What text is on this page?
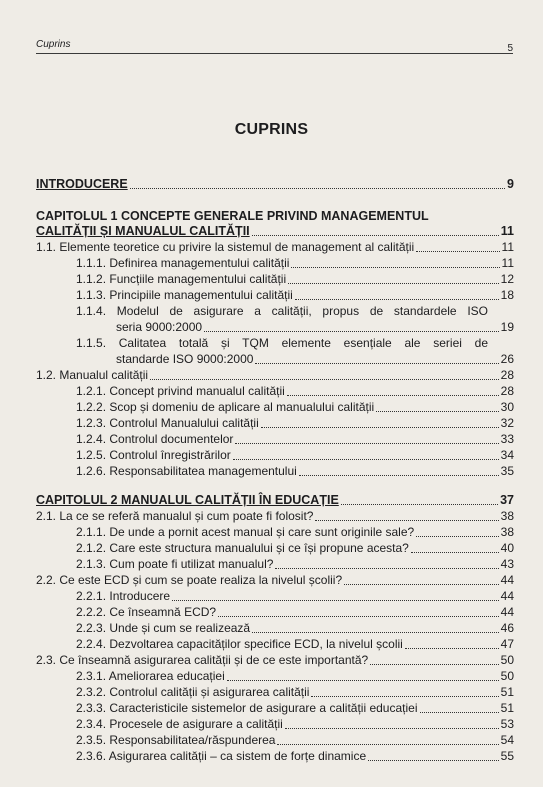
Cuprins	5
CUPRINS
INTRODUCERE	9
CAPITOLUL 1 CONCEPTE GENERALE PRIVIND MANAGEMENTUL
CALITĂȚII ȘI MANUALUL CALITĂȚII	11
1.1. Elemente teoretice cu privire la sistemul de management al calității	11
1.1.1. Definirea managementului calității	11
1.1.2. Funcțiile managementului calității	12
1.1.3. Principiile managementului calității	18
1.1.4. Modelul de asigurare a calității, propus de standardele ISO
seria 9000:2000	19
1.1.5. Calitatea totală și TQM elemente esențiale ale seriei de
standarde ISO 9000:2000	26
1.2. Manualul calității	28
1.2.1. Concept privind manualul calității	28
1.2.2. Scop și domeniu de aplicare al manualului calității	30
1.2.3. Controlul Manualului calității	32
1.2.4. Controlul documentelor	33
1.2.5. Controlul înregistrărilor	34
1.2.6. Responsabilitatea managementului	35
CAPITOLUL 2 MANUALUL CALITĂȚII ÎN EDUCAȚIE	37
2.1. La ce se referă manualul și cum poate fi folosit?	38
2.1.1. De unde a pornit acest manual și care sunt originile sale?	38
2.1.2. Care este structura manualului și ce își propune acesta?	40
2.1.3. Cum poate fi utilizat manualul?	43
2.2. Ce este ECD și cum se poate realiza la nivelul școlii?	44
2.2.1. Introducere	44
2.2.2. Ce înseamnă ECD?	44
2.2.3. Unde și cum se realizează	46
2.2.4. Dezvoltarea capacităților specifice ECD, la nivelul școlii	47
2.3. Ce înseamnă asigurarea calității și de ce este importantă?	50
2.3.1. Ameliorarea educației	50
2.3.2. Controlul calității și asigurarea calității	51
2.3.3. Caracteristicile sistemelor de asigurare a calității educației	51
2.3.4. Procesele de asigurare a calității	53
2.3.5. Responsabilitatea/răspunderea	54
2.3.6. Asigurarea calității – ca sistem de forțe dinamice	55
